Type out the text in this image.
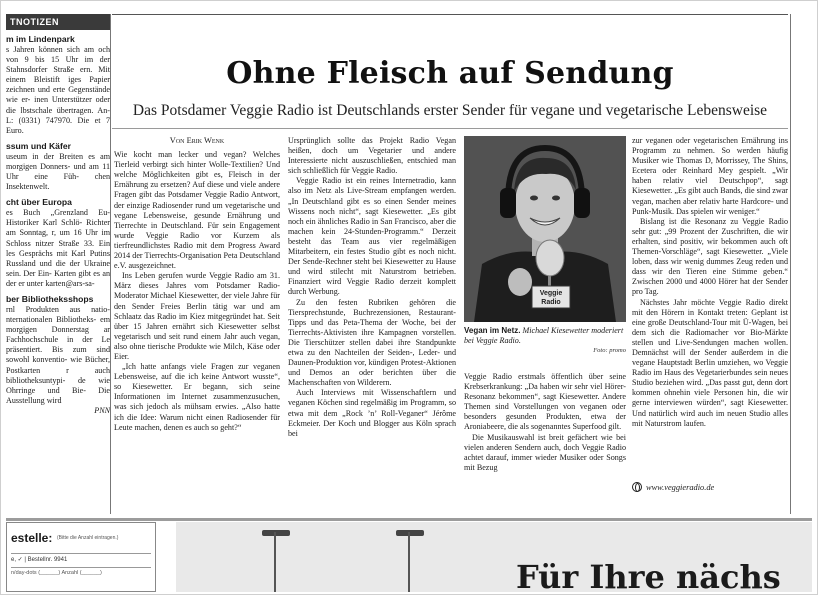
TNOTIZEN
m im Lindenpark
s Jahren können sich am och von 9 bis 15 Uhr im der Stahnsdorfer Straße ern. Mit einem Bleistift iges Papier zeichnen und erte Gegenstände wie er- inen Unterstützer oder die lbstschale übertragen. An- L: (0331) 747970. Die et 7 Euro.
ssum und Käfer
useum in der Breiten es am morgigen Donners- und am 11 Uhr eine Füh- chen Insektenwelt.
cht über Europa
es Buch „Grenzland Eu- Historiker Karl Schlö- Richter am Sonntag, r, um 16 Uhr im Schloss nitzer Straße 33. Ein les Gesprächs mit Karl Putins Russland und die der Ukraine sein. Der Ein- Karten gibt es an der er unter karten@ars-sa-
ber Bibliotheksshops
rnl Produkten aus natio- nternationalen Bibliotheks- em morgigen Donnerstag ar Fachhochschule in der Le präsentiert. Bis zum sind sowohl konventio- wie Bücher, Postkarten r auch bibliotheksuntypi- de wie Ohrringe und Bie- Die Ausstellung wird
PNN
Ohne Fleisch auf Sendung
Das Potsdamer Veggie Radio ist Deutschlands erster Sender für vegane und vegetarische Lebensweise
Von Erik Wenk

Wie kocht man lecker und vegan? Welches Tierleid verbirgt sich hinter Wolle-Textilien? Und welche Möglichkeiten gibt es, Fleisch in der Ernährung zu ersetzen? Auf diese und viele andere Fragen gibt das Potsdamer Veggie Radio Antwort, der einzige Radiosender rund um vegetarische und vegane Lebensweise, gesunde Ernährung und Tierrechte in Deutschland. Für sein Engagement wurde Veggie Radio vor Kurzem als tierfreundlichstes Radio mit dem Progress Award 2014 der Tierrechts-Organisation Peta Deutschland e.V. ausgezeichnet.

Ins Leben gerufen wurde Veggie Radio am 31. März dieses Jahres vom Potsdamer Radio-Moderator Michael Kiesewetter, der viele Jahre für den Sender Freies Berlin tätig war und am Schlaatz das Radio im Kiez mitgegründet hat. Seit über 15 Jahren ernährt sich Kiesewetter selbst vegetarisch und seit rund einem Jahr auch vegan, also ohne tierische Produkte wie Milch, Käse oder Eier.

„Ich hatte anfangs viele Fragen zur veganen Lebensweise, auf die ich keine Antwort wusste“, so Kiesewetter. Er begann, sich seine Informationen im Internet zusammenzusuchen, was sich jedoch als mühsam erwies. „Also hatte ich die Idee: Warum nicht einen Radiosender für Leute machen, denen es auch so geht?“

Ursprünglich sollte das Projekt Radio Vegan heißen, doch um Vegetarier und andere Interessierte nicht auszuschließen, entschied man sich schließlich für Veggie Radio.

Veggie Radio ist ein reines Internetradio, kann also im Netz als Live-Stream empfangen werden. „In Deutschland gibt es so einen Sender meines Wissens noch nicht“, sagt Kiesewetter. „Es gibt noch ein ähnliches Radio in San Francisco, aber die machen kein 24-Stunden-Programm.“ Derzeit besteht das Team aus vier regelmäßigen Mitarbeitern, ein festes Studio gibt es noch nicht. Der Sende-Rechner steht bei Kiesewetter zu Hause und wird stilecht mit Naturstrom betrieben. Finanziert wird Veggie Radio derzeit komplett durch Werbung.

Zu den festen Rubriken gehören die Tiersprechstunde, Buchrezensionen, Restaurant-Tipps und das Peta-Thema der Woche, bei der Tierrechts-Aktivisten ihre Kampagnen vorstellen. Die Tierschützer stellen dabei ihre Standpunkte etwa zu den Nachteilen der Seiden-, Leder- und Daunen-Produktion vor, kündigen Protest-Aktionen und Demos an oder berichten über die Machenschaften von Wilderern.

Auch Interviews mit Wissenschaftlern und veganen Köchen sind regelmäßig im Programm, so etwa mit dem „Rock ’n’ Roll-Veganer“ Jérôme Eckmeier. Der Koch und Blogger aus Köln sprach bei

Veggie
Radio
Vegan im Netz. Michael Kiesewetter moderiert bei Veggie Radio.
Foto: promo

Veggie Radio erstmals öffentlich über seine Krebserkrankung: „Da haben wir sehr viel Hörer-Resonanz bekommen“, sagt Kiesewetter. Andere Themen sind Vorstellungen von veganen oder besonders gesunden Produkten, etwa der Aroniabeere, die als sogenanntes Superfood gilt.

Die Musikauswahl ist breit gefächert wie bei vielen anderen Sendern auch, doch Veggie Radio achtet darauf, immer wieder Musiker oder Songs mit Bezug

zur veganen oder vegetarischen Ernährung ins Programm zu nehmen. So werden häufig Musiker wie Thomas D, Morrissey, The Shins, Ecetera oder Reinhard Mey gespielt. „Wir haben relativ viel Deutschpop“, sagt Kiesewetter. „Es gibt auch Bands, die sind zwar vegan, machen aber relativ harte Hardcore- und Punk-Musik. Das spielen wir weniger.“

Bislang ist die Resonanz zu Veggie Radio sehr gut: „99 Prozent der Zuschriften, die wir erhalten, sind positiv, wir bekommen auch oft Themen-Vorschläge“, sagt Kiesewetter. „Viele loben, dass wir wenig dummes Zeug reden und dass wir den Tieren eine Stimme geben.“ Zwischen 2000 und 4000 Hörer hat der Sender pro Tag.

Nächstes Jahr möchte Veggie Radio direkt mit den Hörern in Kontakt treten: Geplant ist eine große Deutschland-Tour mit Ü-Wagen, bei dem sich die Radiomacher vor Bio-Märkte stellen und Live-Sendungen machen wollen. Demnächst will der Sender außerdem in die vegane Hauptstadt Berlin umziehen, wo Veggie Radio im Haus des Vegetarierbundes sein neues Studio beziehen wird. „Das passt gut, denn dort kommen ohnehin viele Personen hin, die wir gerne interviewen würden“, sagt Kiesewetter. Und natürlich wird auch im neuen Studio alles mit Naturstrom laufen.

www.veggieradio.de
estelle: (Bitte die Anzahl eintragen.)
e, ✓ | Bestellnr. 9941
n/day-dots (______) Anzahl (______)	Für Ihre nächs
